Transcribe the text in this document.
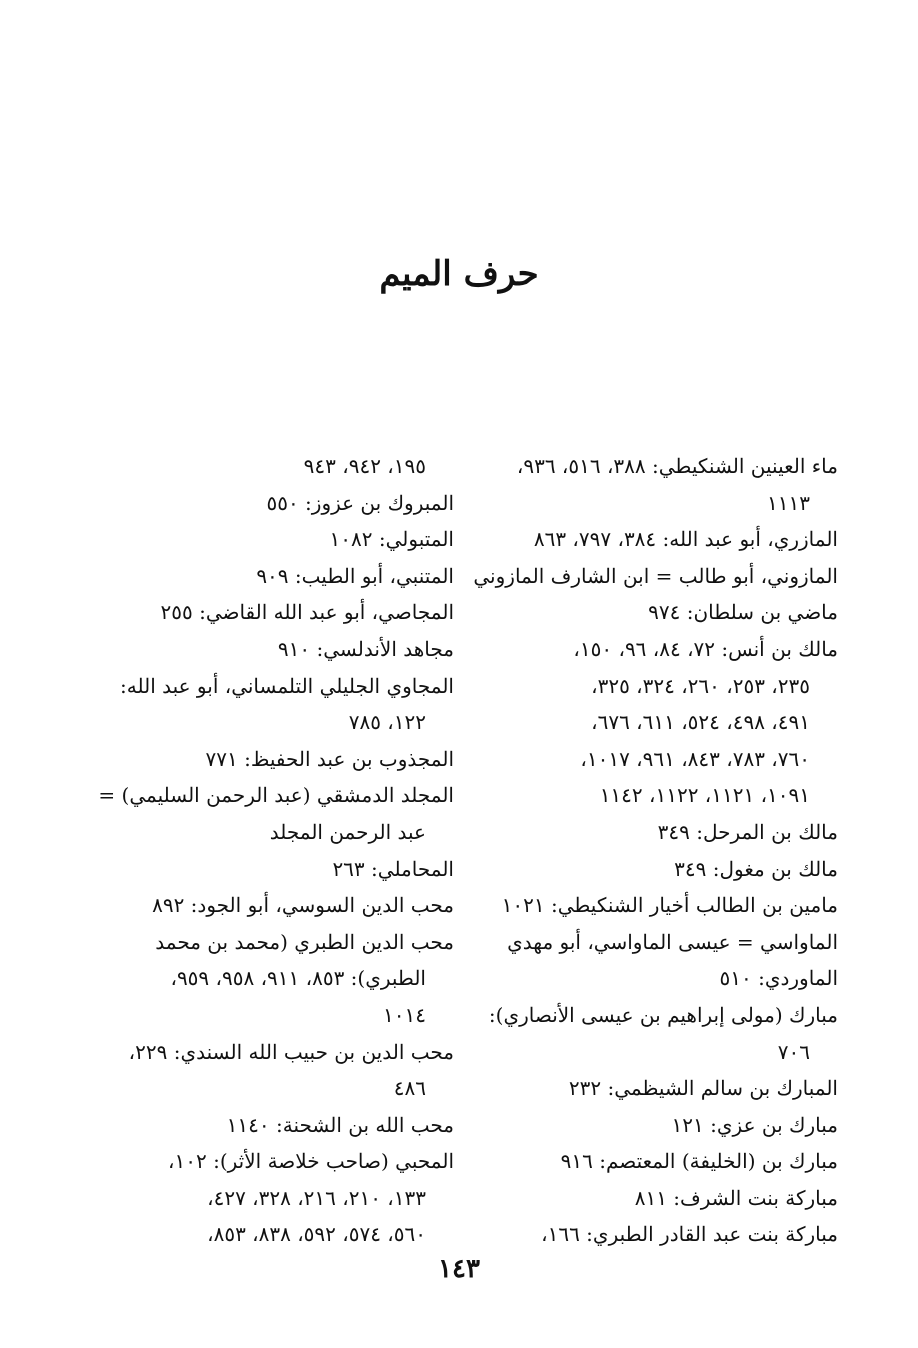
حرف الميم
ماء العينين الشنكيطي: ٣٨٨، ٥١٦، ٩٣٦،
١١١٣
المازري، أبو عبد الله: ٣٨٤، ٧٩٧، ٨٦٣
المازوني، أبو طالب = ابن الشارف المازوني
ماضي بن سلطان: ٩٧٤
مالك بن أنس: ٧٢، ٨٤، ٩٦، ١٥٠،
٢٣٥، ٢٥٣، ٢٦٠، ٣٢٤، ٣٢٥،
٤٩١، ٤٩٨، ٥٢٤، ٦١١، ٦٧٦،
٧٦٠، ٧٨٣، ٨٤٣، ٩٦١، ١٠١٧،
١٠٩١، ١١٢١، ١١٢٢، ١١٤٢
مالك بن المرحل: ٣٤٩
مالك بن مغول: ٣٤٩
مامين بن الطالب أخيار الشنكيطي: ١٠٢١
الماواسي = عيسى الماواسي، أبو مهدي
الماوردي: ٥١٠
مبارك (مولى إبراهيم بن عيسى الأنصاري):
٧٠٦
المبارك بن سالم الشيظمي: ٢٣٢
مبارك بن عزي: ١٢١
مبارك بن (الخليفة) المعتصم: ٩١٦
مباركة بنت الشرف: ٨١١
مباركة بنت عبد القادر الطبري: ١٦٦،
١٩٥، ٩٤٢، ٩٤٣
المبروك بن عزوز: ٥٥٠
المتبولي: ١٠٨٢
المتنبي، أبو الطيب: ٩٠٩
المجاصي، أبو عبد الله القاضي: ٢٥٥
مجاهد الأندلسي: ٩١٠
المجاوي الجليلي التلمساني، أبو عبد الله:
١٢٢، ٧٨٥
المجذوب بن عبد الحفيظ: ٧٧١
المجلد الدمشقي (عبد الرحمن السليمي) =
عبد الرحمن المجلد
المحاملي: ٢٦٣
محب الدين السوسي، أبو الجود: ٨٩٢
محب الدين الطبري (محمد بن محمد
الطبري): ٨٥٣، ٩١١، ٩٥٨، ٩٥٩،
١٠١٤
محب الدين بن حبيب الله السندي: ٢٢٩،
٤٨٦
محب الله بن الشحنة: ١١٤٠
المحبي (صاحب خلاصة الأثر): ١٠٢،
١٣٣، ٢١٠، ٢١٦، ٣٢٨، ٤٢٧،
٥٦٠، ٥٧٤، ٥٩٢، ٨٣٨، ٨٥٣،
١٤٣
